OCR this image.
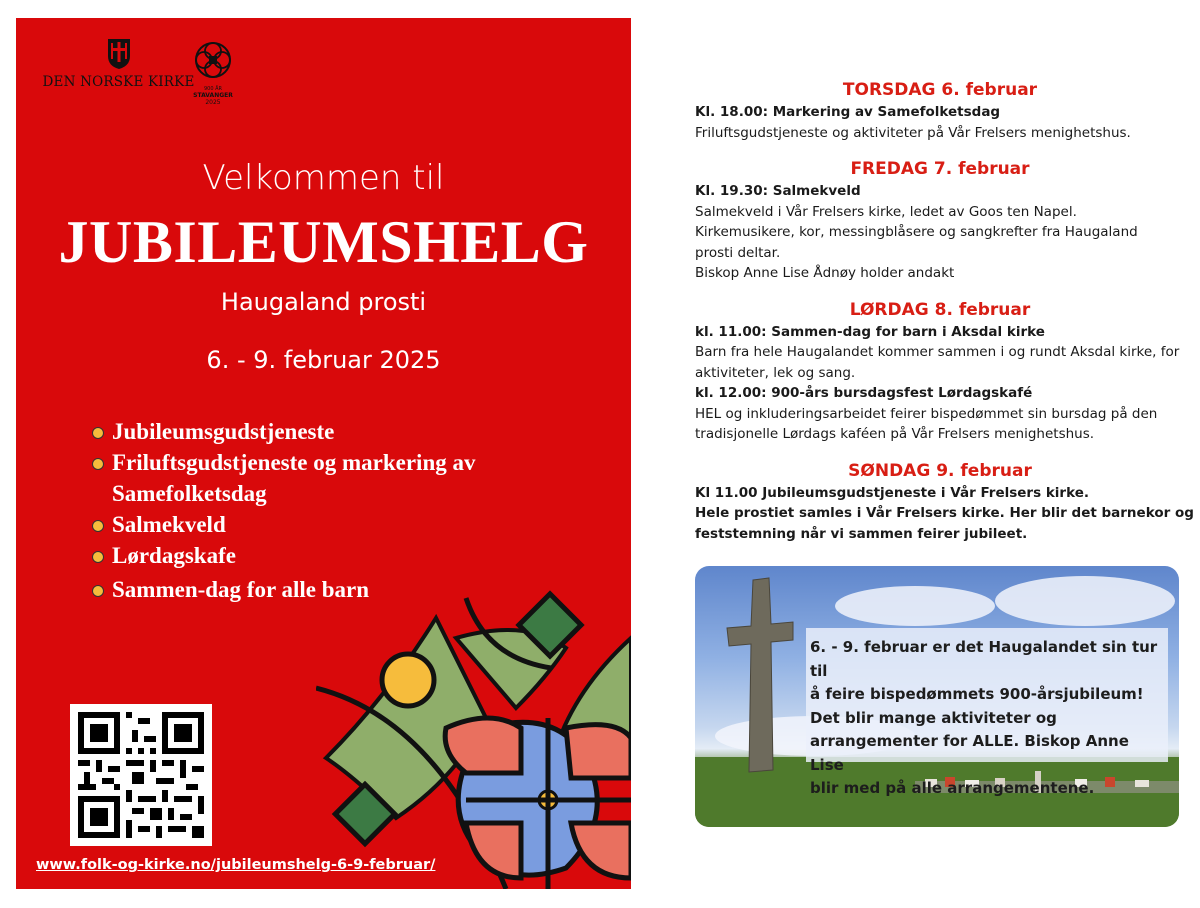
DEN NORSKE KIRKE	900 ÅR
STAVANGER
2025
Velkommen til
JUBILEUMSHELG
Haugaland prosti
6. - 9. februar 2025
Jubileumsgudstjeneste
Friluftsgudstjeneste og markering av
Samefolketsdag
Salmekveld
Lørdagskafe
Sammen-dag for alle barn
www.folk-og-kirke.no/jubileumshelg-6-9-februar/

TORSDAG 6. februar

Kl. 18.00: Markering av Samefolketsdag

Friluftsgudstjeneste og aktiviteter på Vår Frelsers menighetshus.

FREDAG 7. februar

Kl. 19.30: Salmekveld

Salmekveld i Vår Frelsers kirke, ledet av Goos ten Napel.

Kirkemusikere, kor, messingblåsere og sangkrefter fra Haugaland

prosti deltar.

Biskop Anne Lise Ådnøy holder andakt

LØRDAG 8. februar

kl. 11.00: Sammen-dag for barn i Aksdal kirke

Barn fra hele Haugalandet kommer sammen i og rundt Aksdal kirke, for

aktiviteter, lek og sang.

kl. 12.00: 900-års bursdagsfest Lørdagskafé

HEL og inkluderingsarbeidet feirer bispedømmet sin bursdag på den

tradisjonelle Lørdags kaféen på Vår Frelsers menighetshus.

SØNDAG 9. februar

Kl 11.00 Jubileumsgudstjeneste i Vår Frelsers kirke.

Hele prostiet samles i Vår Frelsers kirke. Her blir det barnekor og

feststemning når vi sammen feirer jubileet.

6. - 9. februar er det Haugalandet sin tur til
å feire bispedømmets 900-årsjubileum!
Det blir mange aktiviteter og
arrangementer for ALLE. Biskop Anne Lise
blir med på alle arrangementene.
